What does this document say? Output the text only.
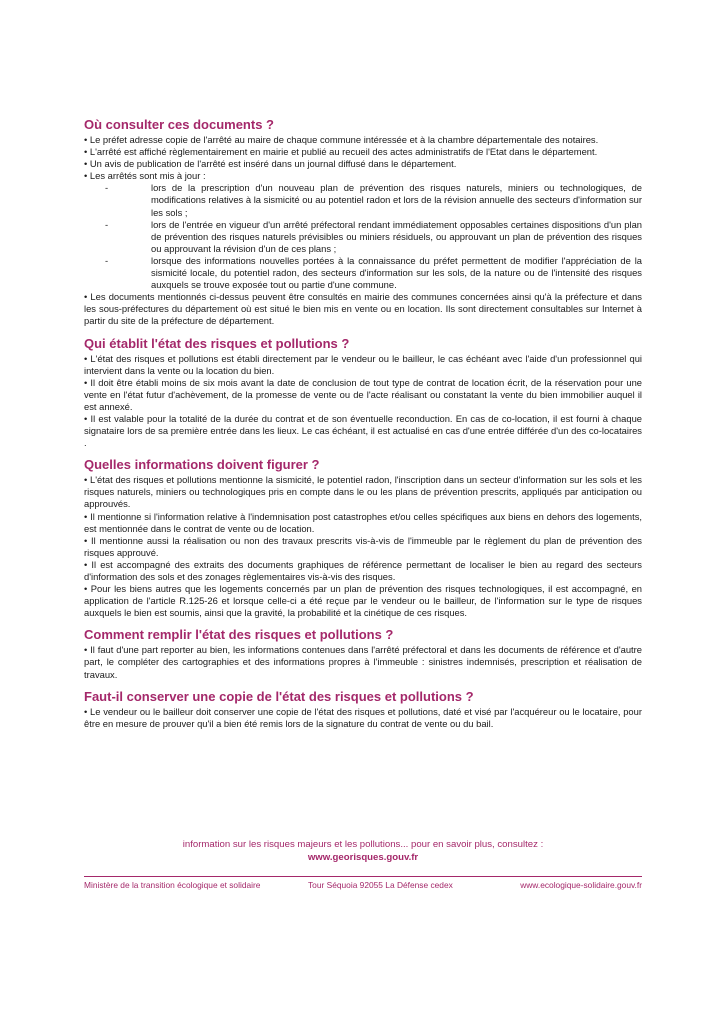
Où consulter ces documents ?

• Le préfet adresse copie de l'arrêté au maire de chaque commune intéressée et à la chambre départementale des notaires.

• L'arrêté est affiché règlementairement en mairie et publié au recueil des actes administratifs de l'Etat dans le département.

• Un avis de publication de l'arrêté est inséré dans un journal diffusé dans le département.

• Les arrêtés sont mis à jour :

-	lors de la prescription d'un nouveau plan de prévention des risques naturels, miniers ou technologiques, de modifications relatives à la sismicité ou au potentiel radon et lors de la révision annuelle des secteurs d'information sur les sols ;
-	lors de l'entrée en vigueur d'un arrêté préfectoral rendant immédiatement opposables certaines dispositions d'un plan de prévention des risques naturels prévisibles ou miniers résiduels, ou approuvant un plan de prévention des risques ou approuvant la révision d'un de ces plans ;
-	lorsque des informations nouvelles portées à la connaissance du préfet permettent de modifier l'appréciation de la sismicité locale, du potentiel radon, des secteurs d'information sur les sols, de la nature ou de l'intensité des risques auxquels se trouve exposée tout ou partie d'une commune.

• Les documents mentionnés ci-dessus peuvent être consultés en mairie des communes concernées ainsi qu'à la préfecture et dans les sous-préfectures du département où est situé le bien mis en vente ou en location. Ils sont directement consultables sur Internet à partir du site de la préfecture de département.

Qui établit l'état des risques et pollutions ?

• L'état des risques et pollutions est établi directement par le vendeur ou le bailleur, le cas échéant avec l'aide d'un professionnel qui intervient dans la vente ou la location du bien.

• Il doit être établi moins de six mois avant la date de conclusion de tout type de contrat de location écrit, de la réservation pour une vente en l'état futur d'achèvement, de la promesse de vente ou de l'acte réalisant ou constatant la vente du bien immobilier auquel il est annexé.

• Il est valable pour la totalité de la durée du contrat et de son éventuelle reconduction. En cas de co-location, il est fourni à chaque signataire lors de sa première entrée dans les lieux. Le cas échéant, il est actualisé en cas d'une entrée différée d'un des co-locataires .

Quelles informations doivent figurer ?

• L'état des risques et pollutions mentionne la sismicité, le potentiel radon, l'inscription dans un secteur d'information sur les sols et les risques naturels, miniers ou technologiques pris en compte dans le ou les plans de prévention prescrits, appliqués par anticipation ou approuvés.

• Il mentionne si l'information relative à l'indemnisation post catastrophes et/ou celles spécifiques aux biens en dehors des logements, est mentionnée dans le contrat de vente ou de location.

• Il mentionne aussi la réalisation ou non des travaux prescrits vis-à-vis de l'immeuble par le règlement du plan de prévention des risques approuvé.

• Il est accompagné des extraits des documents graphiques de référence permettant de localiser le bien au regard des secteurs d'information des sols et des zonages règlementaires vis-à-vis des risques.

• Pour les biens autres que les logements concernés par un plan de prévention des risques technologiques, il est accompagné, en application de l'article R.125-26 et lorsque celle-ci a été reçue par le vendeur ou le bailleur, de l'information sur le type de risques auxquels le bien est soumis, ainsi que la gravité, la probabilité et la cinétique de ces risques.

Comment remplir l'état des risques et pollutions ?

• Il faut d'une part reporter au bien, les informations contenues dans l'arrêté préfectoral et dans les documents de référence et d'autre part, le compléter des cartographies et des informations propres à l'immeuble : sinistres indemnisés, prescription et réalisation de travaux.

Faut-il conserver une copie de l'état des risques et pollutions ?

• Le vendeur ou le bailleur doit conserver une copie de l'état des risques et pollutions, daté et visé par l'acquéreur ou le locataire, pour être en mesure de prouver qu'il a bien été remis lors de la signature du contrat de vente ou du bail.

information sur les risques majeurs et les pollutions... pour en savoir plus, consultez :
www.georisques.gouv.fr
Ministère de la transition écologique et solidaire	Tour Séquoia 92055 La Défense cedex	www.ecologique-solidaire.gouv.fr
